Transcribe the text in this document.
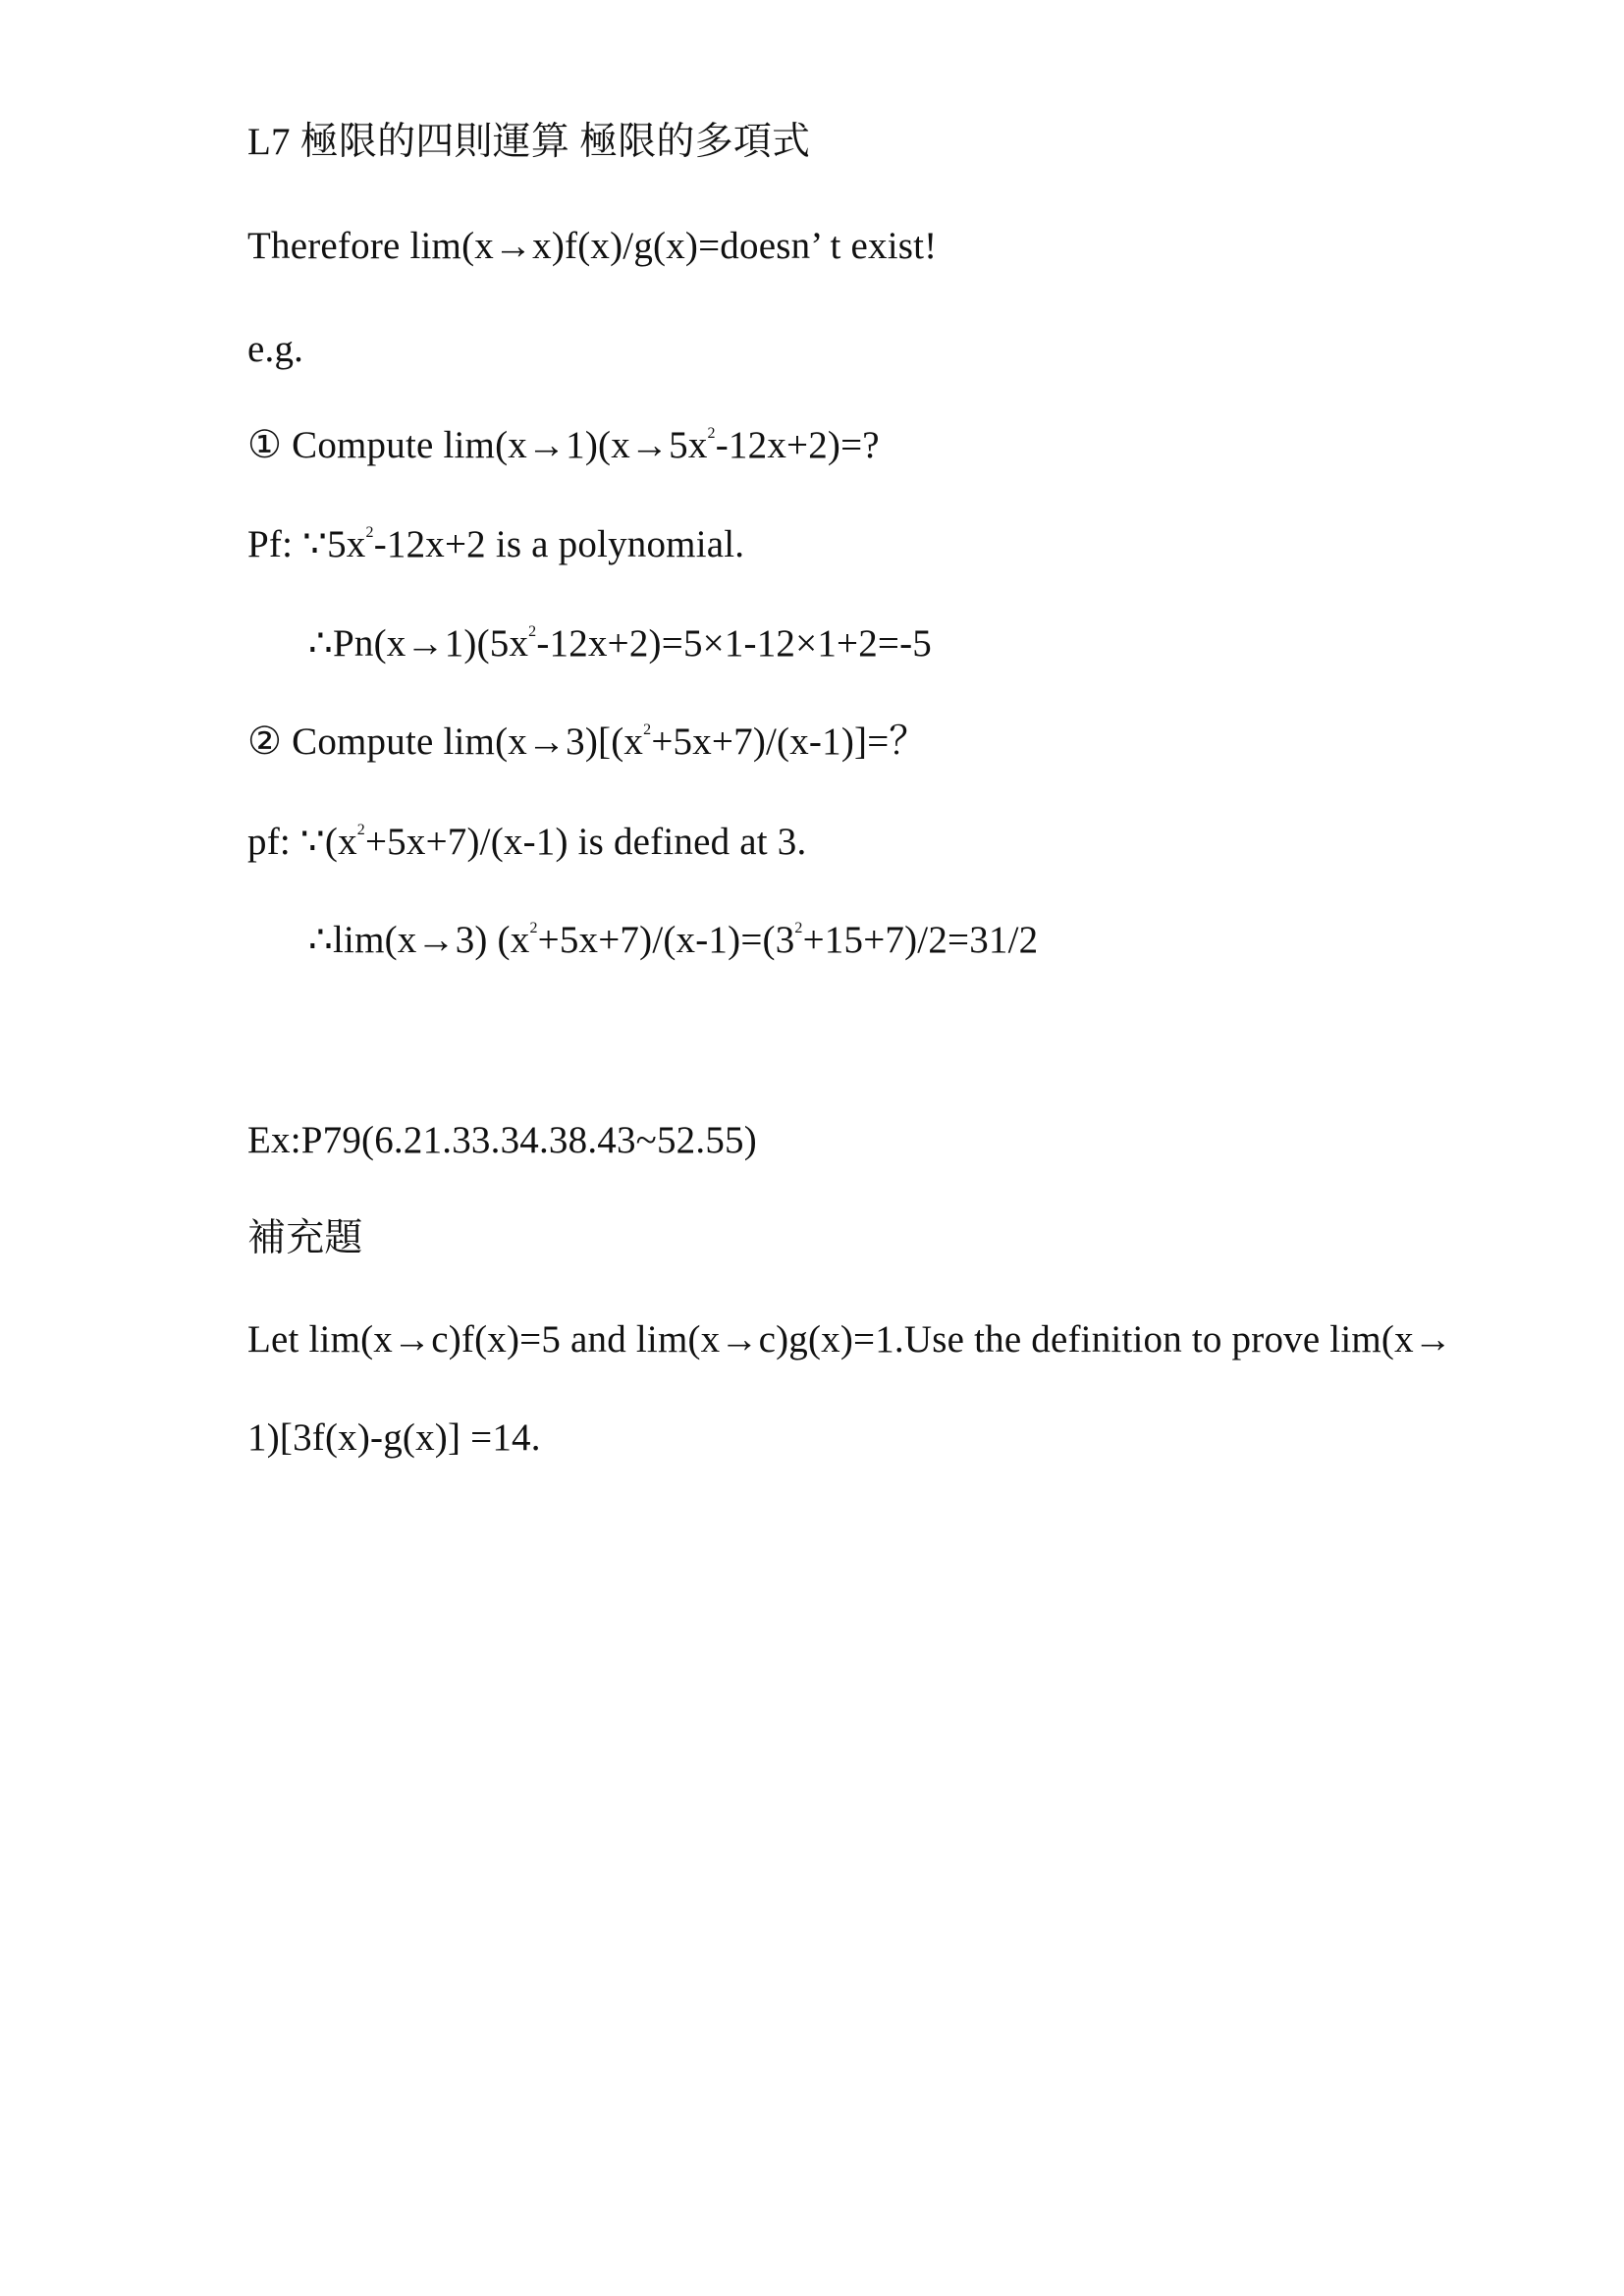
L7 極限的四則運算 極限的多項式
Therefore lim(x→x)f(x)/g(x)=doesn’ t exist!
e.g.
① Compute $\lim(x\to 1)(x\to 5x^2-12x+2)=$?
Pf: $\because 5x^2-12x+2$ is a polynomial.
$\therefore Pn(x\to 1)(5x^2-12x+2)=5\times 1-12\times 1+2=-5$
② Compute $\lim(x\to 3)[(x^2+5x+7)/(x-1)]=$？
pf: $\because(x^2+5x+7)/(x-1)$ is defined at 3.
∴lim(x→3) $(x^2+5x+7)/(x-1)=(3^2+15+7)/2=31/2$
Ex:P79(6.21.33.34.38.43~52.55)
補充題
Let lim(x→c)f(x)=5 and lim(x→c)g(x)=1.Use the definition to prove lim(x→
1)[3f(x)-g(x)] =14.
